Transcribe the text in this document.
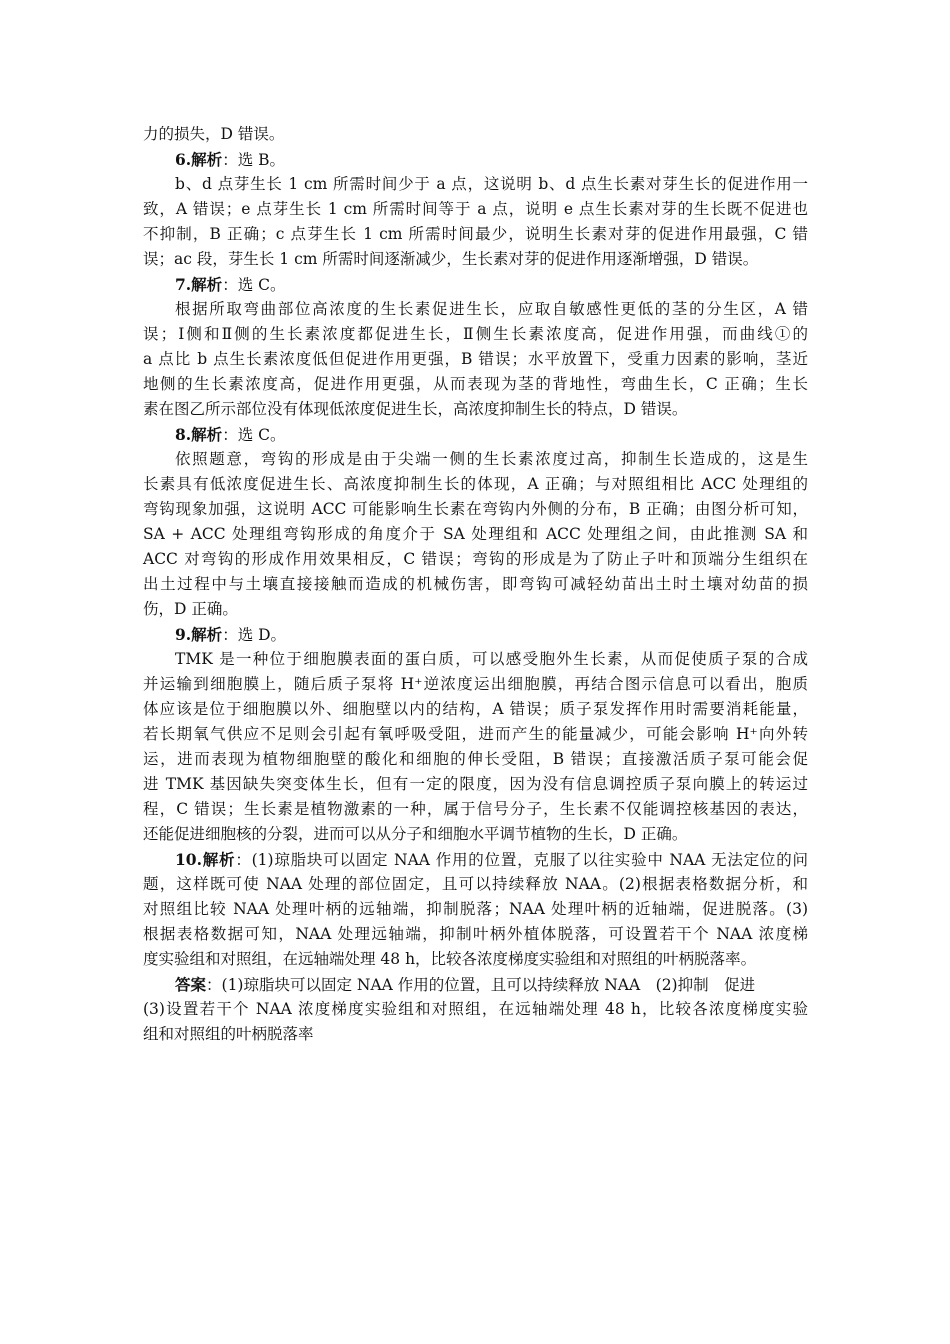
力的损失，D 错误。
6.解析：选 B。
b、d 点芽生长 1 cm 所需时间少于 a 点，这说明 b、d 点生长素对芽生长的促进作用一
致，A 错误；e 点芽生长 1 cm 所需时间等于 a 点，说明 e 点生长素对芽的生长既不促进也
不抑制，B 正确；c 点芽生长 1 cm 所需时间最少，说明生长素对芽的促进作用最强，C 错
误；ac 段，芽生长 1 cm 所需时间逐渐减少，生长素对芽的促进作用逐渐增强，D 错误。
7.解析：选 C。
根据所取弯曲部位高浓度的生长素促进生长，应取自敏感性更低的茎的分生区，A 错
误；Ⅰ侧和Ⅱ侧的生长素浓度都促进生长，Ⅱ侧生长素浓度高，促进作用强，而曲线①的
a 点比 b 点生长素浓度低但促进作用更强，B 错误；水平放置下，受重力因素的影响，茎近
地侧的生长素浓度高，促进作用更强，从而表现为茎的背地性，弯曲生长，C 正确；生长
素在图乙所示部位没有体现低浓度促进生长，高浓度抑制生长的特点，D 错误。
8.解析：选 C。
依照题意，弯钩的形成是由于尖端一侧的生长素浓度过高，抑制生长造成的，这是生
长素具有低浓度促进生长、高浓度抑制生长的体现，A 正确；与对照组相比 ACC 处理组的
弯钩现象加强，这说明 ACC 可能影响生长素在弯钩内外侧的分布，B 正确；由图分析可知，
SA + ACC 处理组弯钩形成的角度介于 SA 处理组和 ACC 处理组之间，由此推测 SA 和
ACC 对弯钩的形成作用效果相反，C 错误；弯钩的形成是为了防止子叶和顶端分生组织在
出土过程中与土壤直接接触而造成的机械伤害，即弯钩可减轻幼苗出土时土壤对幼苗的损
伤，D 正确。
9.解析：选 D。
TMK 是一种位于细胞膜表面的蛋白质，可以感受胞外生长素，从而促使质子泵的合成
并运输到细胞膜上，随后质子泵将 H⁺逆浓度运出细胞膜，再结合图示信息可以看出，胞质
体应该是位于细胞膜以外、细胞壁以内的结构，A 错误；质子泵发挥作用时需要消耗能量，
若长期氧气供应不足则会引起有氧呼吸受阻，进而产生的能量减少，可能会影响 H⁺向外转
运，进而表现为植物细胞壁的酸化和细胞的伸长受阻，B 错误；直接激活质子泵可能会促
进 TMK 基因缺失突变体生长，但有一定的限度，因为没有信息调控质子泵向膜上的转运过
程，C 错误；生长素是植物激素的一种，属于信号分子，生长素不仅能调控核基因的表达，
还能促进细胞核的分裂，进而可以从分子和细胞水平调节植物的生长，D 正确。
10.解析：(1)琼脂块可以固定 NAA 作用的位置，克服了以往实验中 NAA 无法定位的问
题，这样既可使 NAA 处理的部位固定，且可以持续释放 NAA。(2)根据表格数据分析，和
对照组比较 NAA 处理叶柄的远轴端，抑制脱落；NAA 处理叶柄的近轴端，促进脱落。(3)
根据表格数据可知，NAA 处理远轴端，抑制叶柄外植体脱落，可设置若干个 NAA 浓度梯
度实验组和对照组，在远轴端处理 48 h，比较各浓度梯度实验组和对照组的叶柄脱落率。
答案：(1)琼脂块可以固定 NAA 作用的位置，且可以持续释放 NAA　(2)抑制　促进
(3)设置若干个 NAA 浓度梯度实验组和对照组，在远轴端处理 48 h，比较各浓度梯度实验
组和对照组的叶柄脱落率
